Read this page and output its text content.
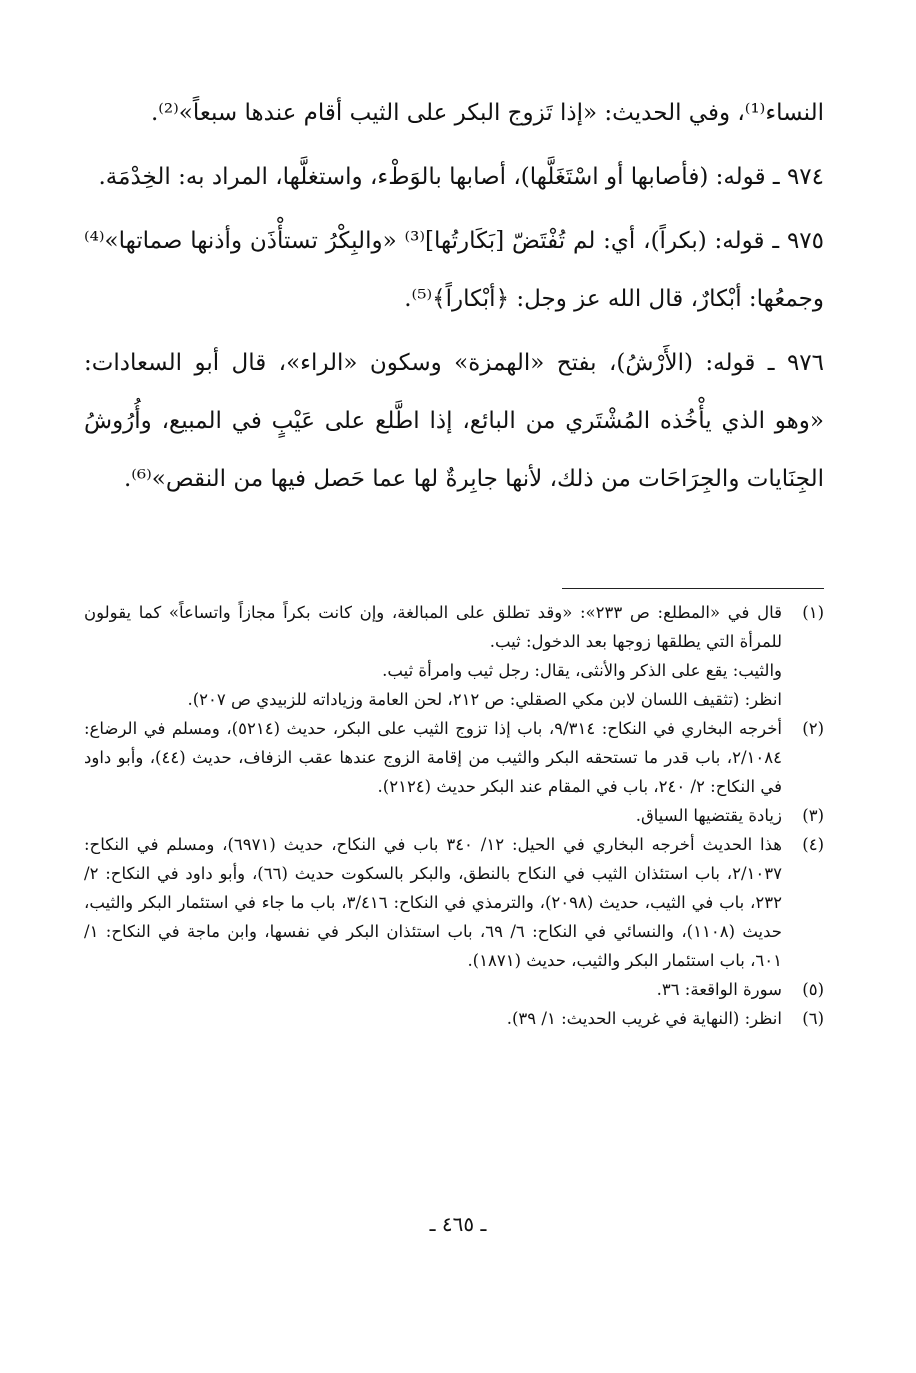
النساء⁽¹⁾، وفي الحديث: «إذا تَزوج البكر على الثيب أقام عندها سبعاً»⁽²⁾.

٩٧٤ ـ قوله: (فأصابها أو اسْتَغَلَّها)، أصابها بالوَطْء، واستغلَّها، المراد به: الخِدْمَة.

٩٧٥ ـ قوله: (بكراً)، أي: لم تُفْتَضّ [بَكَارتُها]⁽³⁾ «والبِكْرُ تستأْذَن وأذنها صماتها»⁽⁴⁾ وجمعُها: أبْكارٌ، قال الله عز وجل: ﴿أبْكاراً﴾⁽⁵⁾.

٩٧٦ ـ قوله: (الأَرْشُ)، بفتح «الهمزة» وسكون «الراء»، قال أبو السعادات: «وهو الذي يأْخُذه المُشْتَري من البائع، إذا اطَّلع على عَيْبٍ في المبيع، وأُرُوشُ الجِنَايات والجِرَاحَات من ذلك، لأنها جابِرةٌ لها عما حَصل فيها من النقص»⁽⁶⁾.

(١)

قال في «المطلع: ص ٢٣٣»: «وقد تطلق على المبالغة، وإن كانت بكراً مجازاً واتساعاً» كما يقولون للمرأة التي يطلقها زوجها بعد الدخول: ثيب.

والثيب: يقع على الذكر والأنثى، يقال: رجل ثيب وامرأة ثيب.

انظر: (تثقيف اللسان لابن مكي الصقلي: ص ٢١٢، لحن العامة وزياداته للزبيدي ص ٢٠٧).

(٢)

أخرجه البخاري في النكاح: ٩/٣١٤، باب إذا تزوج الثيب على البكر، حديث (٥٢١٤)، ومسلم في الرضاع: ٢/١٠٨٤، باب قدر ما تستحقه البكر والثيب من إقامة الزوج عندها عقب الزفاف، حديث (٤٤)، وأبو داود في النكاح: ٢/ ٢٤٠، باب في المقام عند البكر حديث (٢١٢٤).

(٣)

زيادة يقتضيها السياق.

(٤)

هذا الحديث أخرجه البخاري في الحيل: ١٢/ ٣٤٠ باب في النكاح، حديث (٦٩٧١)، ومسلم في النكاح: ٢/١٠٣٧، باب استئذان الثيب في النكاح بالنطق، والبكر بالسكوت حديث (٦٦)، وأبو داود في النكاح: ٢/ ٢٣٢، باب في الثيب، حديث (٢٠٩٨)، والترمذي في النكاح: ٣/٤١٦، باب ما جاء في استئمار البكر والثيب، حديث (١١٠٨)، والنسائي في النكاح: ٦/ ٦٩، باب استئذان البكر في نفسها، وابن ماجة في النكاح: ١/ ٦٠١، باب استئمار البكر والثيب، حديث (١٨٧١).

(٥)

سورة الواقعة: ٣٦.

(٦)

انظر: (النهاية في غريب الحديث: ١/ ٣٩).

ـ ٤٦٥ ـ
